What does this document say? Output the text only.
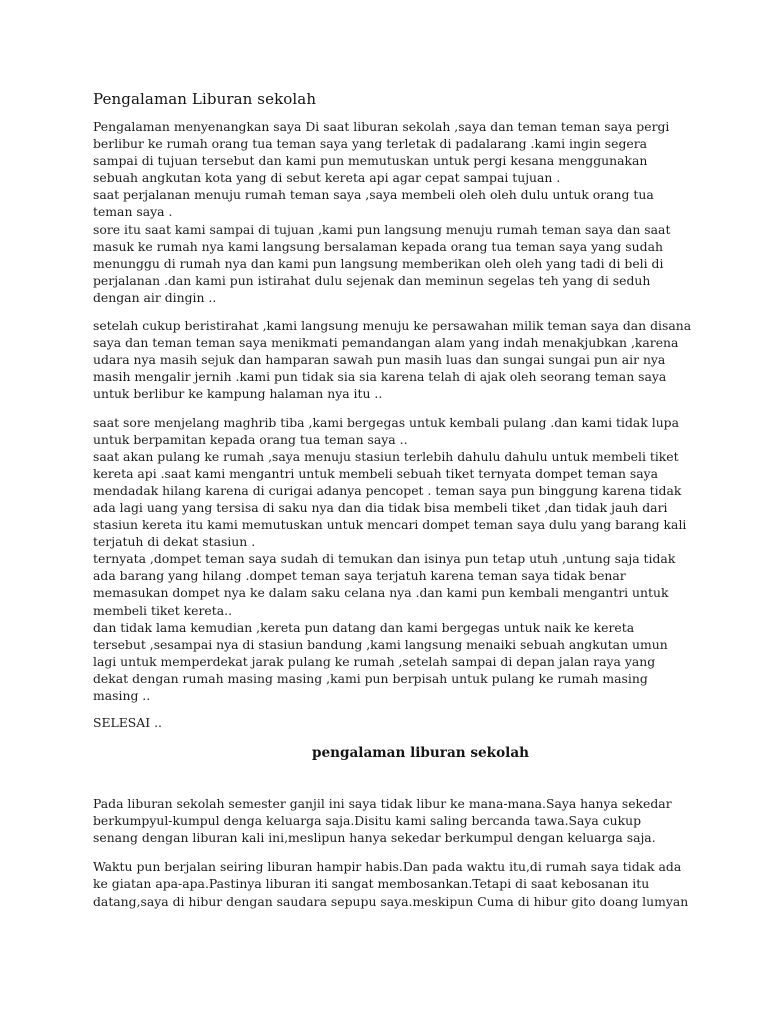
Pengalaman Liburan sekolah
Pengalaman menyenangkan saya Di saat liburan sekolah ,saya dan teman teman saya pergi
berlibur ke rumah orang tua teman saya yang terletak di padalarang .kami ingin segera
sampai di tujuan tersebut dan kami pun memutuskan untuk pergi kesana menggunakan
sebuah angkutan kota yang di sebut kereta api agar cepat sampai tujuan .
saat perjalanan menuju rumah teman saya ,saya membeli oleh oleh dulu untuk orang tua
teman saya .
sore itu saat kami sampai di tujuan ,kami pun langsung menuju rumah teman saya dan saat
masuk ke rumah nya kami langsung bersalaman kepada orang tua teman saya yang sudah
menunggu di rumah nya dan kami pun langsung memberikan oleh oleh yang tadi di beli di
perjalanan .dan kami pun istirahat dulu sejenak dan meminun segelas teh yang di seduh
dengan air dingin ..
setelah cukup beristirahat ,kami langsung menuju ke persawahan milik teman saya dan disana
saya dan teman teman saya menikmati pemandangan alam yang indah menakjubkan ,karena
udara nya masih sejuk dan hamparan sawah pun masih luas dan sungai sungai pun air nya
masih mengalir jernih .kami pun tidak sia sia karena telah di ajak oleh seorang teman saya
untuk berlibur ke kampung halaman nya itu ..
saat sore menjelang maghrib tiba ,kami bergegas untuk kembali pulang .dan kami tidak lupa
untuk berpamitan kepada orang tua teman saya ..
saat akan pulang ke rumah ,saya menuju stasiun terlebih dahulu dahulu untuk membeli tiket
kereta api .saat kami mengantri untuk membeli sebuah tiket ternyata dompet teman saya
mendadak hilang karena di curigai adanya pencopet . teman saya pun binggung karena tidak
ada lagi uang yang tersisa di saku nya dan dia tidak bisa membeli tiket ,dan tidak jauh dari
stasiun kereta itu kami memutuskan untuk mencari dompet teman saya dulu yang barang kali
terjatuh di dekat stasiun .
ternyata ,dompet teman saya sudah di temukan dan isinya pun tetap utuh ,untung saja tidak
ada barang yang hilang .dompet teman saya terjatuh karena teman saya tidak benar
memasukan dompet nya ke dalam saku celana nya .dan kami pun kembali mengantri untuk
membeli tiket kereta..
dan tidak lama kemudian ,kereta pun datang dan kami bergegas untuk naik ke kereta
tersebut ,sesampai nya di stasiun bandung ,kami langsung menaiki sebuah angkutan umun
lagi untuk memperdekat jarak pulang ke rumah ,setelah sampai di depan jalan raya yang
dekat dengan rumah masing masing ,kami pun berpisah untuk pulang ke rumah masing
masing ..

SELESAI ..

pengalaman liburan sekolah
Pada liburan sekolah semester ganjil ini saya tidak libur ke mana-mana.Saya hanya sekedar
berkumpyul-kumpul denga keluarga saja.Disitu kami saling bercanda tawa.Saya cukup
senang dengan liburan kali ini,meslipun hanya sekedar berkumpul dengan keluarga saja.
Waktu pun berjalan seiring liburan hampir habis.Dan pada waktu itu,di rumah saya tidak ada
ke giatan apa-apa.Pastinya liburan iti sangat membosankan.Tetapi di saat kebosanan itu
datang,saya di hibur dengan saudara sepupu saya.meskipun Cuma di hibur gito doang lumyan
